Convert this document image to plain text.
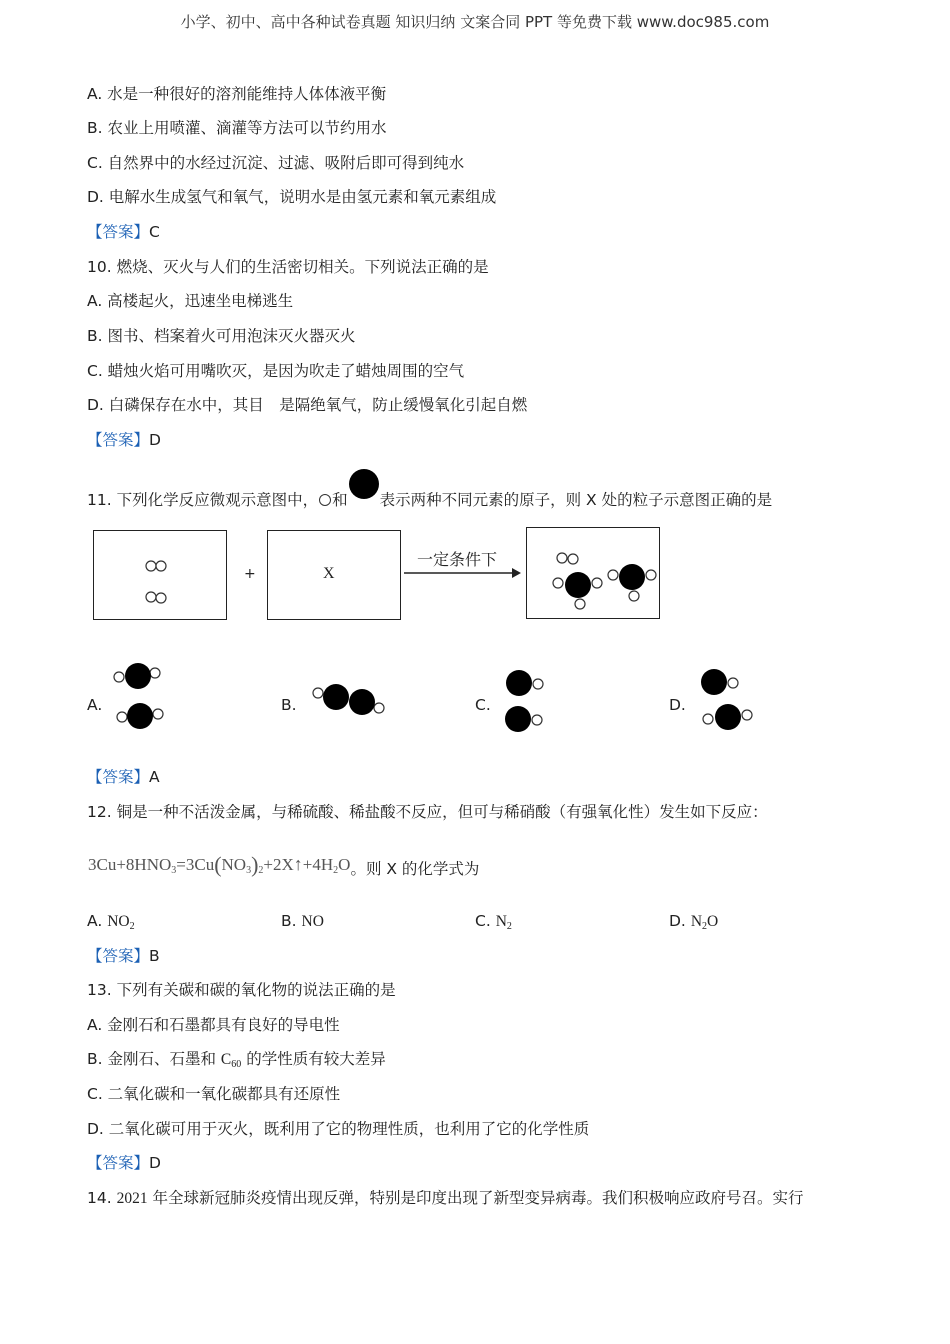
小学、初中、高中各种试卷真题 知识归纳 文案合同 PPT 等免费下载 www.doc985.com
A. 水是一种很好的溶剂能维持人体体液平衡
B. 农业上用喷灌、滴灌等方法可以节约用水
C. 自然界中的水经过沉淀、过滤、吸附后即可得到纯水
D. 电解水生成氢气和氧气，说明水是由氢元素和氧元素组成
【答案】C
10. 燃烧、灭火与人们的生活密切相关。下列说法正确的是
A. 高楼起火，迅速坐电梯逃生
B. 图书、档案着火可用泡沫灭火器灭火
C. 蜡烛火焰可用嘴吹灭，是因为吹走了蜡烛周围的空气
D. 白磷保存在水中，其目　是隔绝氧气，防止缓慢氧化引起自燃
【答案】D
11. 下列化学反应微观示意图中， 和 表示两种不同元素的原子，则 X 处的粒子示意图正确的是
+	X
一定条件下
A.	B.	C.	D.
【答案】A
12. 铜是一种不活泼金属，与稀硫酸、稀盐酸不反应，但可与稀硝酸（有强氧化性）发生如下反应：
$3Cu+8HNO_3=3Cu(NO_3)_2+2X↑+4H_2O$。则 X 的化学式为
A. $NO_2$	B. NO	C. $N_2$	D. $N_2O$
【答案】B
13. 下列有关碳和碳的氧化物的说法正确的是
A. 金刚石和石墨都具有良好的导电性
B. 金刚石、石墨和 $C_{60}$ 的学性质有较大差异
C. 二氧化碳和一氧化碳都具有还原性
D. 二氧化碳可用于灭火，既利用了它的物理性质，也利用了它的化学性质
【答案】D
14. 2021 年全球新冠肺炎疫情出现反弹，特别是印度出现了新型变异病毒。我们积极响应政府号召。实行
